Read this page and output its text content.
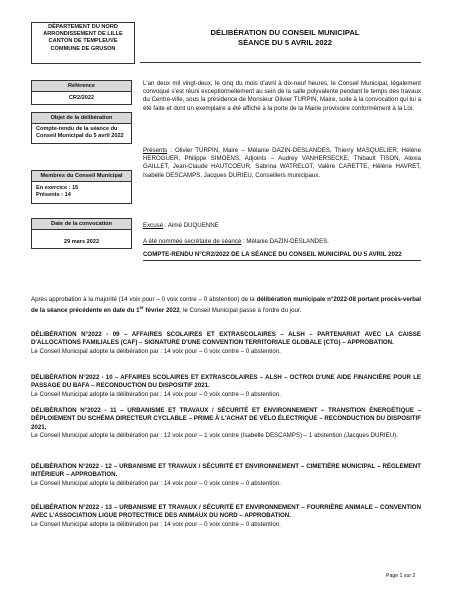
DÉPARTEMENT DU NORD
ARRONDISSEMENT DE LILLE
CANTON DE TEMPLEUVE
COMMUNE DE GRUSON
DÉLIBÉRATION DU CONSEIL MUNICIPAL
SÉANCE DU 5 AVRIL 2022
Référence
CR2/2022
Objet de la délibération
Compte-rendu de la séance du Conseil Municipal du 5 avril 2022
Membres du Conseil Municipal
En exercice : 15
Présents : 14
Date de la convocation
29 mars 2022
L'an deux mil vingt-deux, le cinq du mois d'avril à dix-neuf heures, le Conseil Municipal, légalement convoqué s'est réuni exceptionnellement au sein de la salle polyvalente pendant le temps des travaux du Centre-ville, sous la présidence de Monsieur Olivier TURPIN, Maire, suite à la convocation qui lui a été faite et dont un exemplaire a été affiché à la porte de la Mairie provisoire conformément à la Loi.
Présents : Olivier TURPIN, Maire – Mélanie DAZIN-DESLANDES, Thierry MASQUELIER, Hélène HEROGUER, Philippe SIMOENS, Adjoints – Audrey VANHERSECKE, Thibault TISON, Alexia GAILLET, Jean-Claude HAUTCOEUR, Sabrina WATRELOT, Valère CARETTE, Hélène HAVRET, Isabelle DESCAMPS, Jacques DURIEU, Conseillers municipaux.
Excusé : Aimé DUQUENNE
A été nommée secrétaire de séance : Mélanie DAZIN-DESLANDES.
COMPTE-RENDU N°CR2/2022 DE LA SÉANCE DU CONSEIL MUNICIPAL DU 5 AVRIL 2022
Après approbation à la majorité (14 voix pour – 0 voix contre – 0 abstention) de la délibération municipale n°2022-08 portant procès-verbal de la séance précédente en date du 1er février 2022, le Conseil Municipal passe à l'ordre du jour.
DÉLIBÉRATION N°2022 - 09 – AFFAIRES SCOLAIRES ET EXTRASCOLAIRES – ALSH – PARTENARIAT AVEC LA CAISSE D'ALLOCATIONS FAMILIALES (CAF) – SIGNATURE D'UNE CONVENTION TERRITORIALE GLOBALE (CTG) – APPROBATION.
Le Conseil Municipal adopte la délibération par : 14 voix pour – 0 voix contre – 0 abstention.
DÉLIBÉRATION N°2022 - 10 – AFFAIRES SCOLAIRES ET EXTRASCOLAIRES – ALSH – OCTROI D'UNE AIDE FINANCIÈRE POUR LE PASSAGE DU BAFA – RECONDUCTION DU DISPOSITIF 2021.
Le Conseil Municipal adopte la délibération par : 14 voix pour – 0 voix contre – 0 abstention.
DÉLIBÉRATION N°2022 - 11 – URBANISME ET TRAVAUX / SÉCURITÉ ET ENVIRONNEMENT – TRANSITION ÉNERGÉTIQUE – DÉPLOIEMENT DU SCHÉMA DIRECTEUR CYCLABLE – PRIME À L'ACHAT DE VÉLO ÉLECTRIQUE – RECONDUCTION DU DISPOSITIF 2021.
Le Conseil Municipal adopte la délibération par : 12 voix pour – 1 voix contre (Isabelle DESCAMPS) – 1 abstention (Jacques DURIEU).
DÉLIBÉRATION N°2022 - 12 – URBANISME ET TRAVAUX / SÉCURITÉ ET ENVIRONNEMENT – CIMETIÈRE MUNICIPAL – RÈGLEMENT INTÉRIEUR – APPROBATION.
Le Conseil Municipal adopte la délibération par : 14 voix pour – 0 voix contre – 0 abstention.
DÉLIBÉRATION N°2022 - 13 – URBANISME ET TRAVAUX / SÉCURITÉ ET ENVIRONNEMENT – FOURRIÈRE ANIMALE – CONVENTION AVEC L'ASSOCIATION LIGUE PROTECTRICE DES ANIMAUX DU NORD – APPROBATION.
Le Conseil Municipal adopte la délibération par : 14 voix pour – 0 voix contre – 0 abstention.
Page 1 sur 2
